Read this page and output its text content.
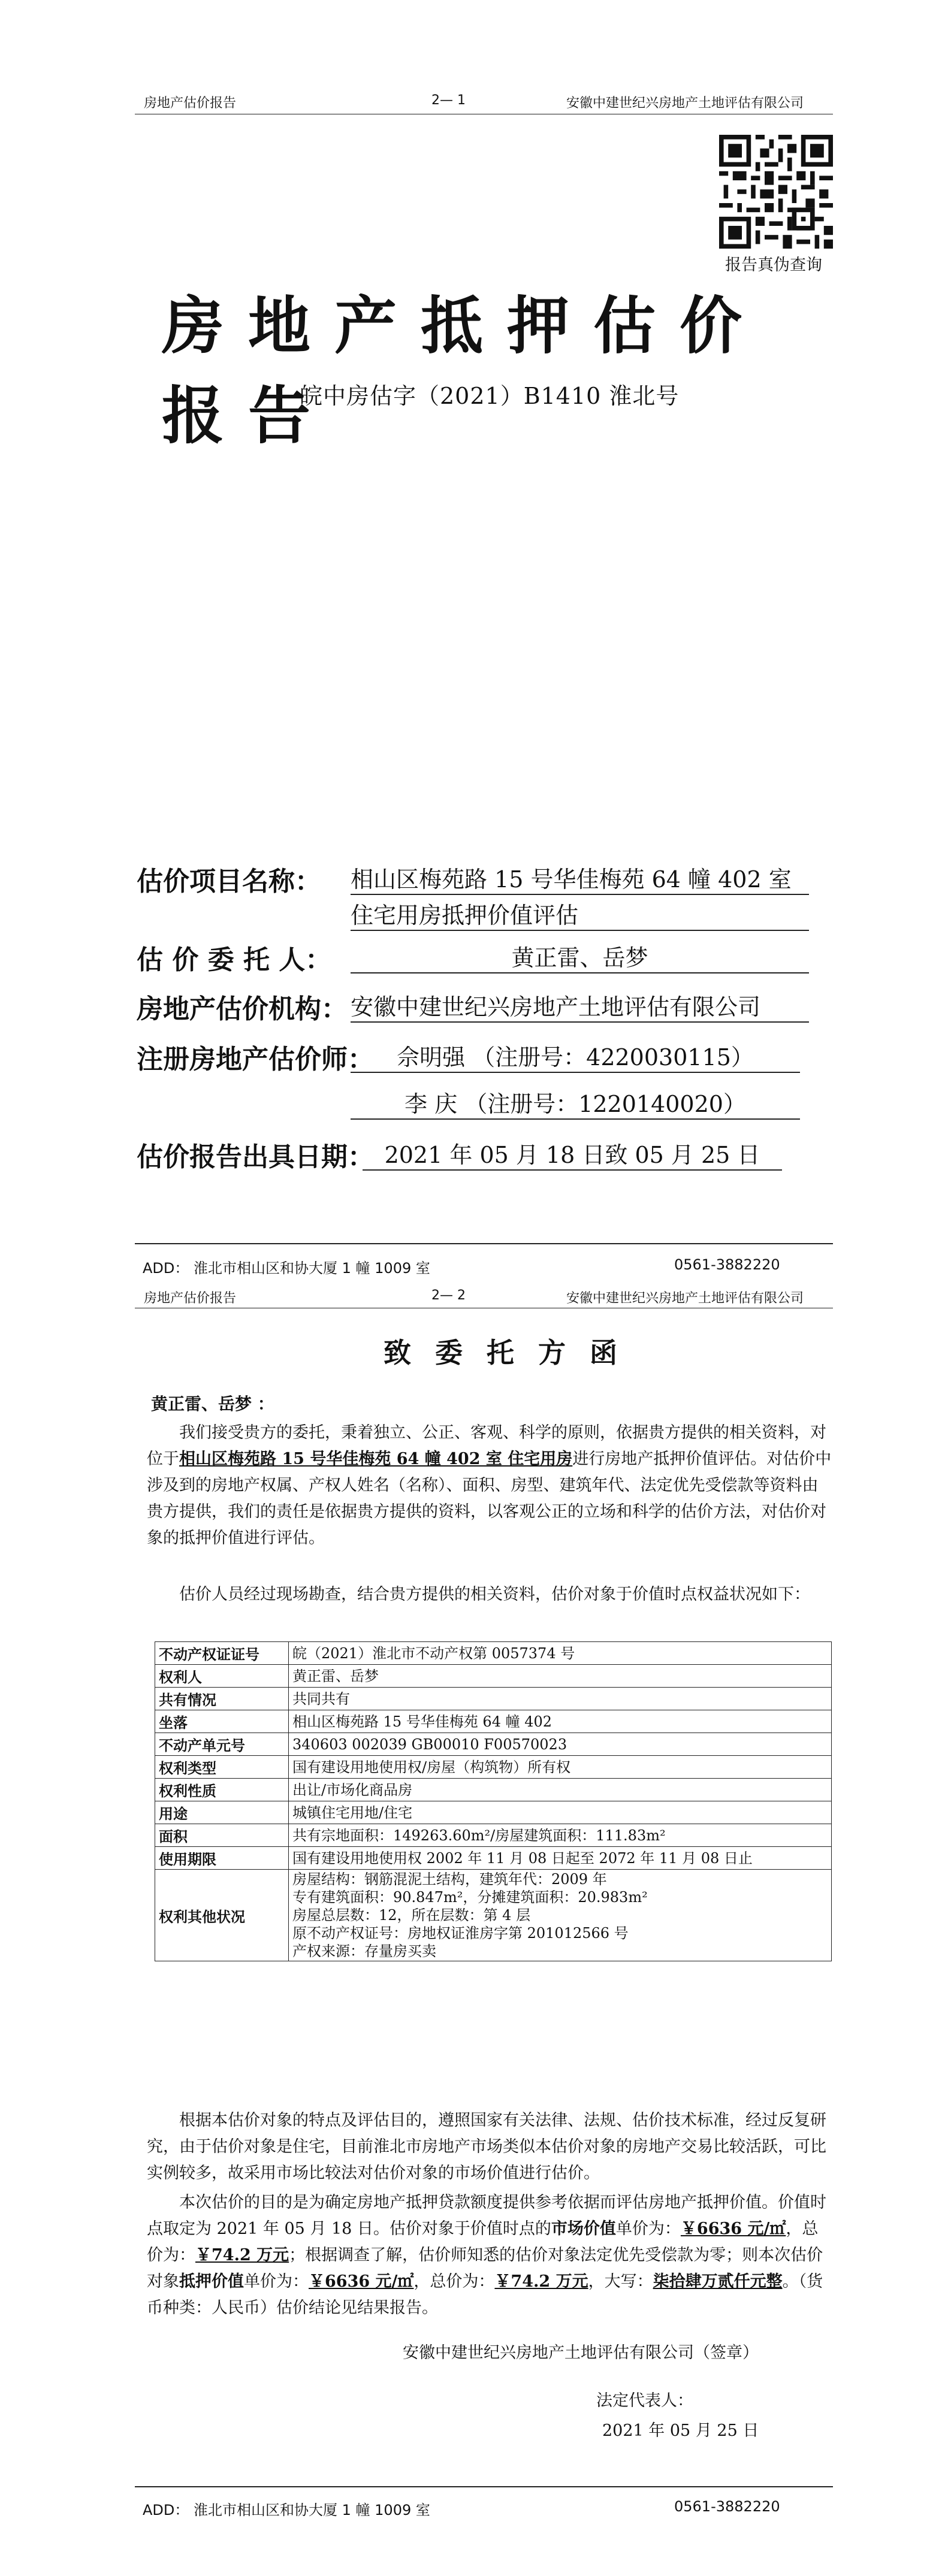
房地产估价报告	2— 1	安徽中建世纪兴房地产土地评估有限公司
报告真伪查询
房地产抵押估价报告
皖中房估字（2021）B1410 淮北号
估价项目名称： 相山区梅苑路 15 号华佳梅苑 64 幢 402 室
住宅用房抵押价值评估
估 价 委 托 人：	黄正雷、岳梦
房地产估价机构： 安徽中建世纪兴房地产土地评估有限公司
注册房地产估价师：	佘明强 （注册号：4220030115）
李 庆 （注册号：1220140020）
估价报告出具日期： 2021 年 05 月 18 日致 05 月 25 日
ADD： 淮北市相山区和协大厦 1 幢 1009 室	0561-3882220
房地产估价报告	2— 2	安徽中建世纪兴房地产土地评估有限公司
致委托方函
黄正雷、岳梦 ：
我们接受贵方的委托，秉着独立、公正、客观、科学的原则，依据贵方提供的相关资料，对位于相山区梅苑路 15 号华佳梅苑 64 幢 402 室 住宅用房进行房地产抵押价值评估。对估价中涉及到的房地产权属、产权人姓名（名称）、面积、房型、建筑年代、法定优先受偿款等资料由贵方提供，我们的责任是依据贵方提供的资料，以客观公正的立场和科学的估价方法，对估价对象的抵押价值进行评估。
估价人员经过现场勘查，结合贵方提供的相关资料，估价对象于价值时点权益状况如下：
不动产权证证号	皖（2021）淮北市不动产权第 0057374 号

权利人	黄正雷、岳梦

共有情况	共同共有

坐落	相山区梅苑路 15 号华佳梅苑 64 幢 402

不动产单元号	340603 002039 GB00010 F00570023

权利类型	国有建设用地使用权/房屋（构筑物）所有权

权利性质	出让/市场化商品房

用途	城镇住宅用地/住宅

面积	共有宗地面积：149263.60m²/房屋建筑面积：111.83m²

使用期限	国有建设用地使用权 2002 年 11 月 08 日起至 2072 年 11 月 08 日止

权利其他状况	房屋结构：钢筋混泥土结构，建筑年代：2009 年
专有建筑面积：90.847m²，分摊建筑面积：20.983m²
房屋总层数：12，所在层数：第 4 层
原不动产权证号：房地权证淮房字第 201012566 号
产权来源：存量房买卖
根据本估价对象的特点及评估目的，遵照国家有关法律、法规、估价技术标准，经过反复研究，由于估价对象是住宅，目前淮北市房地产市场类似本估价对象的房地产交易比较活跃，可比实例较多，故采用市场比较法对估价对象的市场价值进行估价。
本次估价的目的是为确定房地产抵押贷款额度提供参考依据而评估房地产抵押价值。价值时点取定为 2021 年 05 月 18 日。估价对象于价值时点的市场价值单价为：￥6636 元/㎡，总价为：￥74.2 万元；根据调查了解，估价师知悉的估价对象法定优先受偿款为零；则本次估价对象抵押价值单价为：￥6636 元/㎡，总价为：￥74.2 万元，大写：柒拾肆万贰仟元整。（货币种类：人民币）估价结论见结果报告。
安徽中建世纪兴房地产土地评估有限公司（签章）
法定代表人：
2021 年 05 月 25 日
ADD： 淮北市相山区和协大厦 1 幢 1009 室	0561-3882220
